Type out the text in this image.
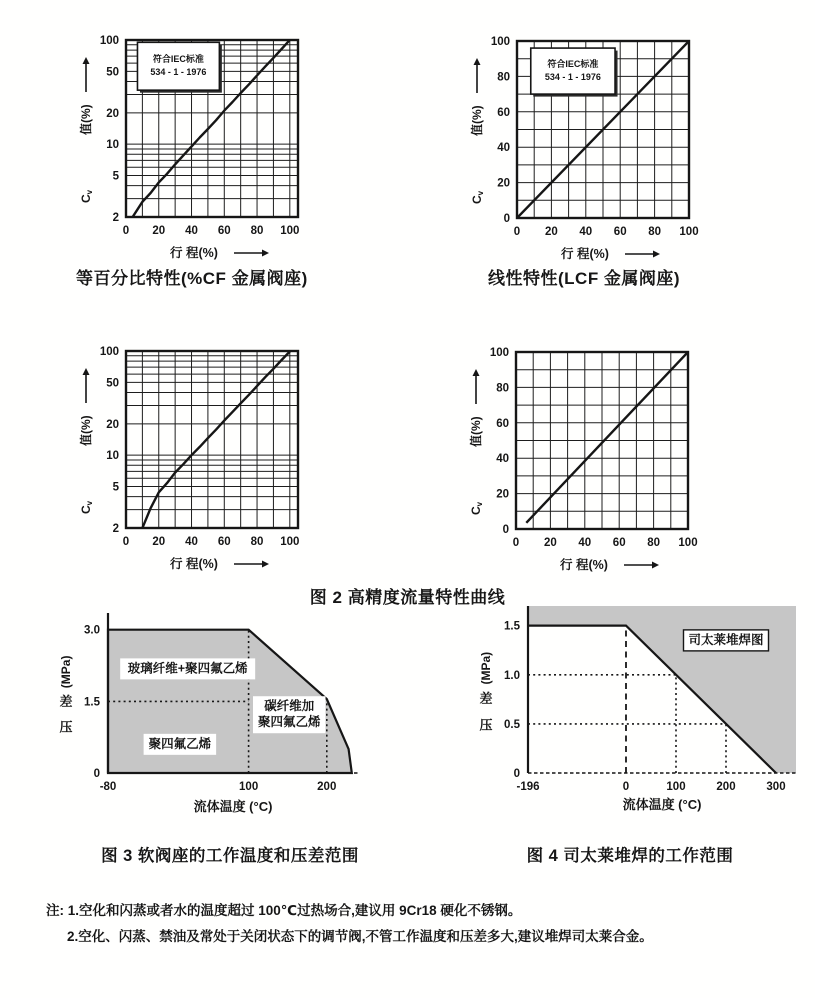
0 20 40 60 80 100
2
5
10
20
50
100
行 程(%)
Cv
值(%)
符合IEC标准
534 - 1 - 1976
0 20 40 60 80 100
0
20
40
60
80
100
行 程(%)
Cv
值(%)
符合IEC标准
534 - 1 - 1976
等百分比特性(%CF 金属阀座)	线性特性(LCF 金属阀座)
0 20 40 60 80 100
2
5
10
20
50
100
行 程(%)
Cv
值(%)
0 20 40 60 80 100
0
20
40
60
80
100
行 程(%)
Cv
值(%)
图 2 高精度流量特性曲线
-80	100	200
0
1.5
3.0
玻璃纤维+聚四氟乙烯
碳纤维加
聚四氟乙烯
聚四氟乙烯
压
差
(MPa)
流体温度 (°C)
-196	0	100	200	300
0
0.5
1.0
1.5
司太莱堆焊图
压
差
(MPa)
流体温度 (°C)
图 3 软阀座的工作温度和压差范围	图 4 司太莱堆焊的工作范围
注: 1.空化和闪蒸或者水的温度超过 100℃过热场合,建议用 9Cr18 硬化不锈钢。
2.空化、闪蒸、禁油及常处于关闭状态下的调节阀,不管工作温度和压差多大,建议堆焊司太莱合金。
